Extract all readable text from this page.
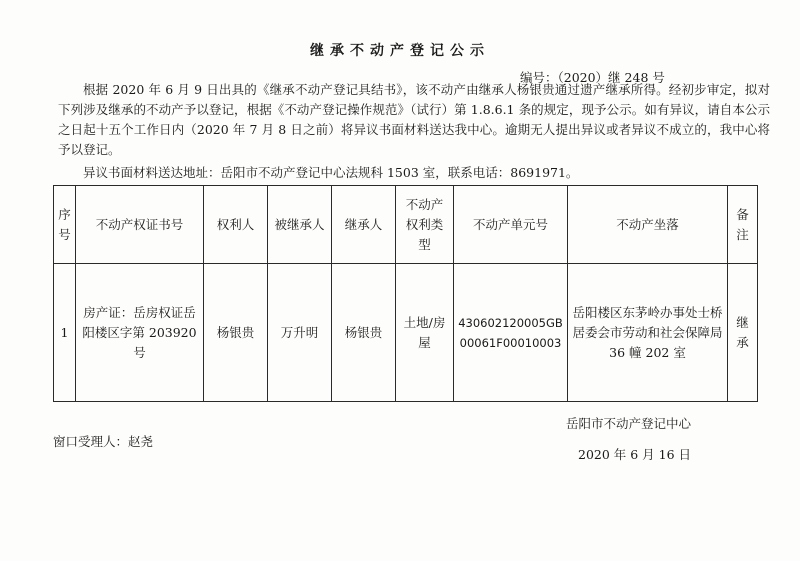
继承不动产登记公示
编号：（2020）继 248 号
根据 2020 年 6 月 9 日出具的《继承不动产登记具结书》，该不动产由继承人杨银贵通过遗产继承所得。经初步审定，拟对下列涉及继承的不动产予以登记，根据《不动产登记操作规范》（试行）第 1.8.6.1 条的规定，现予公示。如有异议，请自本公示之日起十五个工作日内（2020 年 7 月 8 日之前）将异议书面材料送达我中心。逾期无人提出异议或者异议不成立的，我中心将予以登记。
异议书面材料送达地址：岳阳市不动产登记中心法规科 1503 室，联系电话：8691971。
序号	不动产权证书号	权利人	被继承人	继承人	不动产权利类型	不动产单元号	不动产坐落	备注
1	房产证：岳房权证岳阳楼区字第 203920 号	杨银贵	万升明	杨银贵	土地/房屋	430602120005GB00061F00010003	岳阳楼区东茅岭办事处士桥居委会市劳动和社会保障局 36 幢 202 室	继承
岳阳市不动产登记中心
窗口受理人：赵尧
2020 年 6 月 16 日
